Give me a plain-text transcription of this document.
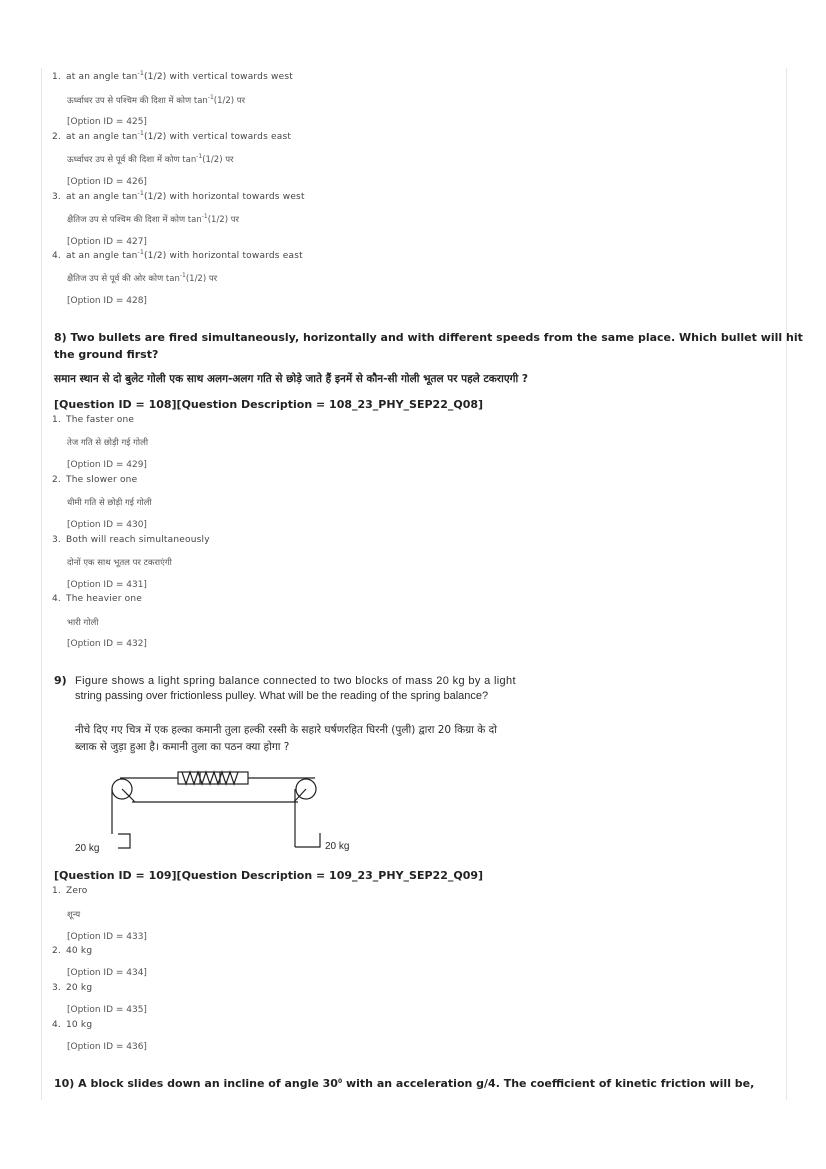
1. at an angle $\tan^{-1}(1/2)$ with vertical towards west
ऊर्ध्वाधर उप से पश्चिम की दिशा में कोण $\tan^{-1}(1/2)$ पर
[Option ID = 425]
2. at an angle $\tan^{-1}(1/2)$ with vertical towards east
ऊर्ध्वाधर उप से पूर्व की दिशा में कोण $\tan^{-1}(1/2)$ पर
[Option ID = 426]
3. at an angle $\tan^{-1}(1/2)$ with horizontal towards west
क्षैतिज उप से पश्चिम की दिशा में कोण $\tan^{-1}(1/2)$ पर
[Option ID = 427]
4. at an angle $\tan^{-1}(1/2)$ with horizontal towards east
क्षैतिज उप से पूर्व की ओर कोण $\tan^{-1}(1/2)$ पर
[Option ID = 428]
8) Two bullets are fired simultaneously, horizontally and with different speeds from the same place. Which bullet will hit
the ground first?
समान स्थान से दो बुलेट गोली एक साथ अलग-अलग गति से छोड़े जाते हैं इनमें से कौन-सी गोली भूतल पर पहले टकराएगी ?
[Question ID = 108][Question Description = 108_23_PHY_SEP22_Q08]
1. The faster one
तेज गति से छोड़ी गई गोली
[Option ID = 429]
2. The slower one
धीमी गति से छोड़ी गई गोली
[Option ID = 430]
3. Both will reach simultaneously
दोनों एक साथ भूतल पर टकराएंगी
[Option ID = 431]
4. The heavier one
भारी गोली
[Option ID = 432]
9) Figure shows a light spring balance connected to two blocks of mass 20 kg by a light
string passing over frictionless pulley. What will be the reading of the spring balance?
नीचे दिए गए चित्र में एक हल्का कमानी तुला हल्की रस्सी के सहारे घर्षणरहित घिरनी (पुली) द्वारा 20 किग्रा के दो
ब्लाक से जुड़ा हुआ है। कमानी तुला का पठन क्या होगा ?
20 kg	20 kg
[Question ID = 109][Question Description = 109_23_PHY_SEP22_Q09]
1. Zero
शून्य
[Option ID = 433]
2. 40 kg
[Option ID = 434]
3. 20 kg
[Option ID = 435]
4. 10 kg
[Option ID = 436]
10) A block slides down an incline of angle $30^0$ with an acceleration g/4. The coefficient of kinetic friction will be,
